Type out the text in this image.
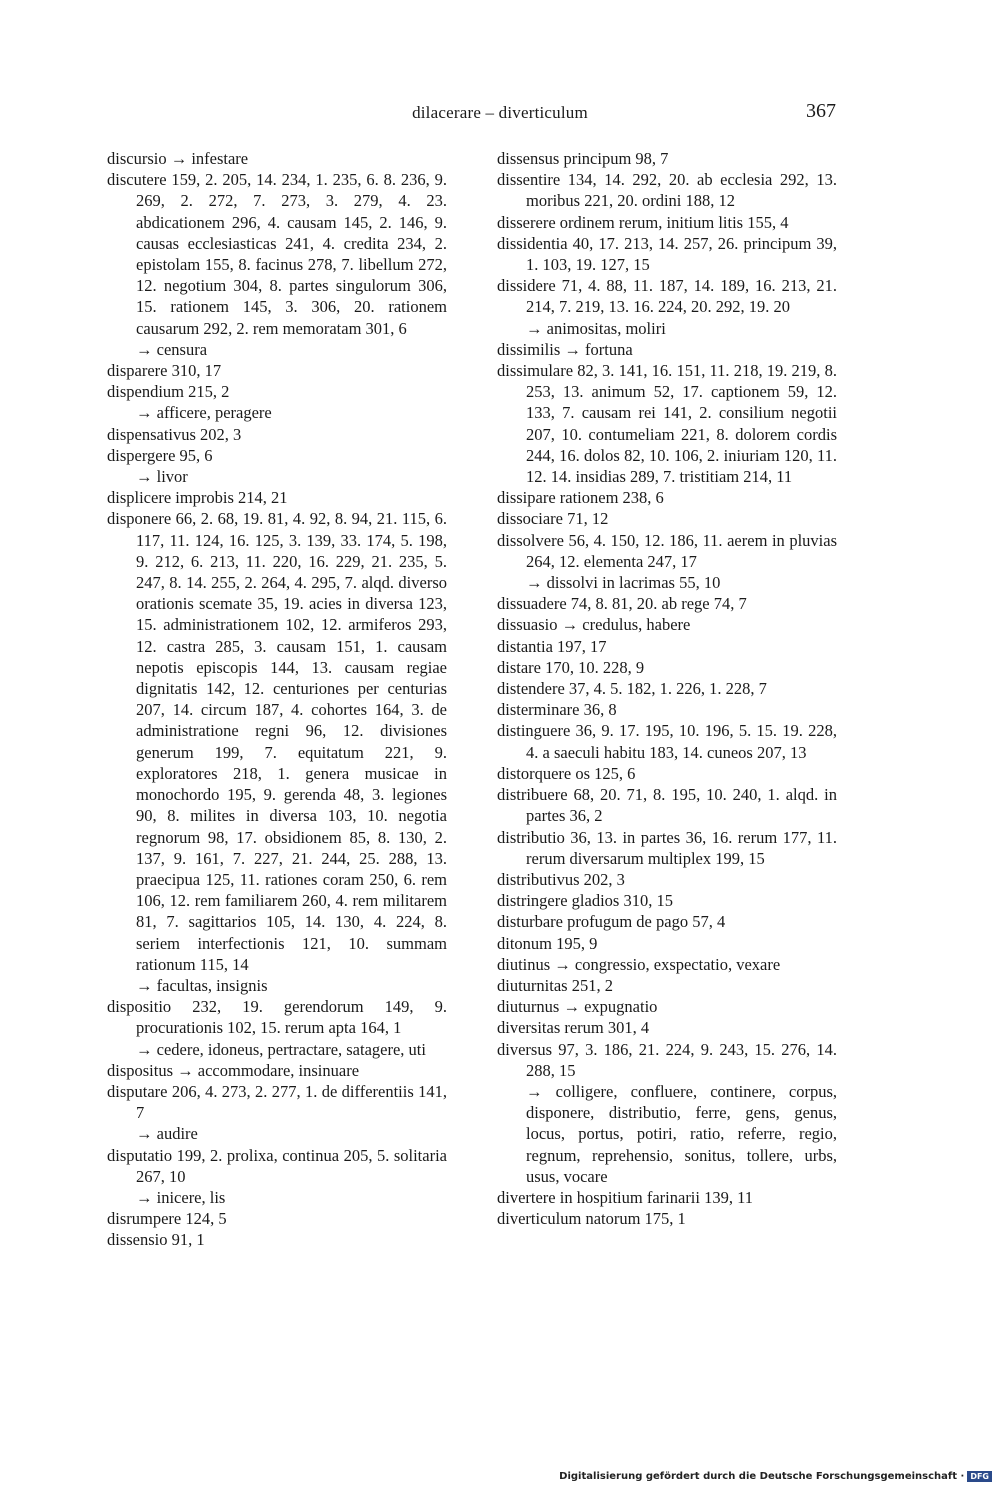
dilacerare – diverticulum	367
discursio → infestare
discutere 159, 2. 205, 14. 234, 1. 235, 6. 8. 236, 9. 269, 2. 272, 7. 273, 3. 279, 4. 23. abdicationem 296, 4. causam 145, 2. 146, 9. causas ecclesiasticas 241, 4. credita 234, 2. epistolam 155, 8. facinus 278, 7. libellum 272, 12. negotium 304, 8. partes singulorum 306, 15. rationem 145, 3. 306, 20. rationem causarum 292, 2. rem memoratam 301, 6
→ censura
disparere 310, 17
dispendium 215, 2
→ afficere, peragere
dispensativus 202, 3
dispergere 95, 6
→ livor
displicere improbis 214, 21
disponere 66, 2. 68, 19. 81, 4. 92, 8. 94, 21. 115, 6. 117, 11. 124, 16. 125, 3. 139, 33. 174, 5. 198, 9. 212, 6. 213, 11. 220, 16. 229, 21. 235, 5. 247, 8. 14. 255, 2. 264, 4. 295, 7. alqd. diverso orationis scemate 35, 19. acies in diversa 123, 15. administrationem 102, 12. armiferos 293, 12. castra 285, 3. causam 151, 1. causam nepotis episcopis 144, 13. causam regiae dignitatis 142, 12. centuriones per centurias 207, 14. circum 187, 4. cohortes 164, 3. de administratione regni 96, 12. divisiones generum 199, 7. equitatum 221, 9. exploratores 218, 1. genera musicae in monochordo 195, 9. gerenda 48, 3. legiones 90, 8. milites in diversa 103, 10. negotia regnorum 98, 17. obsidionem 85, 8. 130, 2. 137, 9. 161, 7. 227, 21. 244, 25. 288, 13. praecipua 125, 11. rationes coram 250, 6. rem 106, 12. rem familiarem 260, 4. rem militarem 81, 7. sagittarios 105, 14. 130, 4. 224, 8. seriem interfectionis 121, 10. summam rationum 115, 14
→ facultas, insignis
dispositio 232, 19. gerendorum 149, 9. procurationis 102, 15. rerum apta 164, 1
→ cedere, idoneus, pertractare, satagere, uti
dispositus → accommodare, insinuare
disputare 206, 4. 273, 2. 277, 1. de differentiis 141, 7
→ audire
disputatio 199, 2. prolixa, continua 205, 5. solitaria 267, 10
→ inicere, lis
disrumpere 124, 5
dissensio 91, 1
dissensus principum 98, 7
dissentire 134, 14. 292, 20. ab ecclesia 292, 13. moribus 221, 20. ordini 188, 12
disserere ordinem rerum, initium litis 155, 4
dissidentia 40, 17. 213, 14. 257, 26. principum 39, 1. 103, 19. 127, 15
dissidere 71, 4. 88, 11. 187, 14. 189, 16. 213, 21. 214, 7. 219, 13. 16. 224, 20. 292, 19. 20
→ animositas, moliri
dissimilis → fortuna
dissimulare 82, 3. 141, 16. 151, 11. 218, 19. 219, 8. 253, 13. animum 52, 17. captionem 59, 12. 133, 7. causam rei 141, 2. consilium negotii 207, 10. contumeliam 221, 8. dolorem cordis 244, 16. dolos 82, 10. 106, 2. iniuriam 120, 11. 12. 14. insidias 289, 7. tristitiam 214, 11
dissipare rationem 238, 6
dissociare 71, 12
dissolvere 56, 4. 150, 12. 186, 11. aerem in pluvias 264, 12. elementa 247, 17
→ dissolvi in lacrimas 55, 10
dissuadere 74, 8. 81, 20. ab rege 74, 7
dissuasio → credulus, habere
distantia 197, 17
distare 170, 10. 228, 9
distendere 37, 4. 5. 182, 1. 226, 1. 228, 7
disterminare 36, 8
distinguere 36, 9. 17. 195, 10. 196, 5. 15. 19. 228, 4. a saeculi habitu 183, 14. cuneos 207, 13
distorquere os 125, 6
distribuere 68, 20. 71, 8. 195, 10. 240, 1. alqd. in partes 36, 2
distributio 36, 13. in partes 36, 16. rerum 177, 11. rerum diversarum multiplex 199, 15
distributivus 202, 3
distringere gladios 310, 15
disturbare profugum de pago 57, 4
ditonum 195, 9
diutinus → congressio, exspectatio, vexare
diuturnitas 251, 2
diuturnus → expugnatio
diversitas rerum 301, 4
diversus 97, 3. 186, 21. 224, 9. 243, 15. 276, 14. 288, 15
→ colligere, confluere, continere, corpus, disponere, distributio, ferre, gens, genus, locus, portus, potiri, ratio, referre, regio, regnum, reprehensio, sonitus, tollere, urbs, usus, vocare
divertere in hospitium farinarii 139, 11
diverticulum natorum 175, 1
Digitalisierung gefördert durch die Deutsche Forschungsgemeinschaft · DFG
